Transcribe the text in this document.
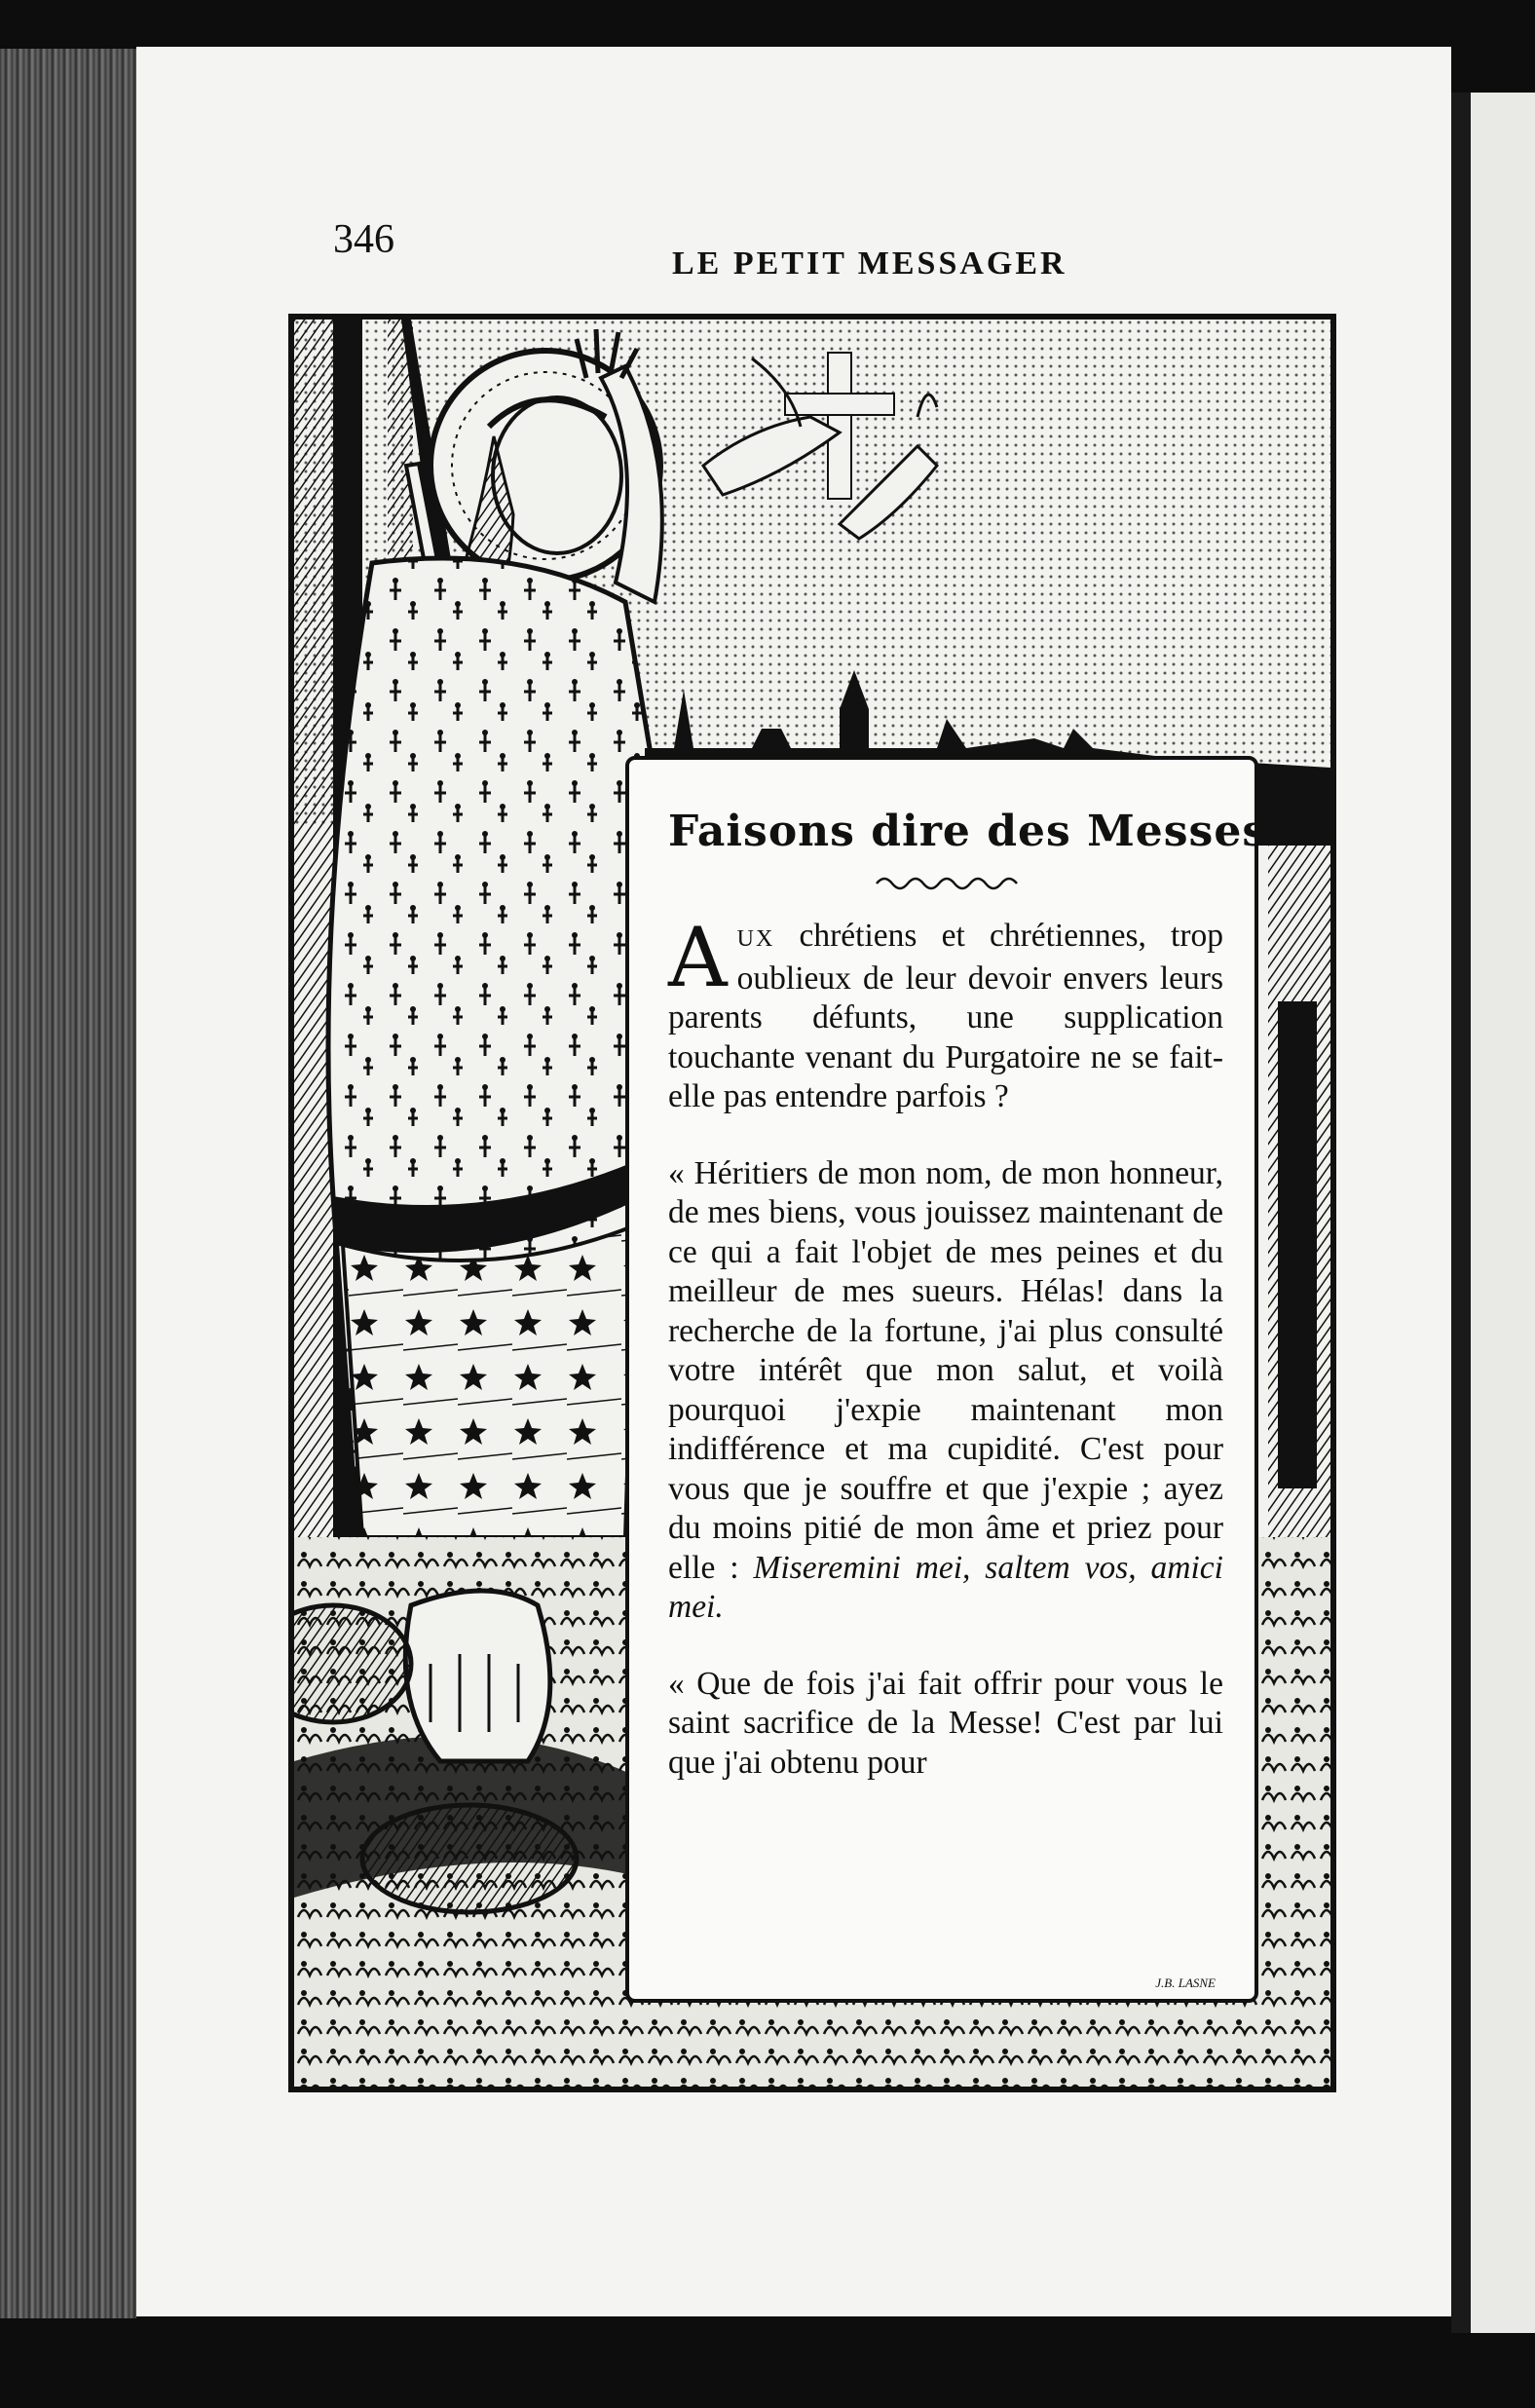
346
LE PETIT MESSAGER
Faisons dire des Messes

AUX chrétiens et chrétiennes, trop oublieux de leur devoir envers leurs parents défunts, une supplication touchante venant du Purgatoire ne se fait-elle pas entendre parfois ?

« Héritiers de mon nom, de mon honneur, de mes biens, vous jouissez maintenant de ce qui a fait l'objet de mes peines et du meilleur de mes sueurs. Hélas! dans la recherche de la fortune, j'ai plus consulté votre intérêt que mon salut, et voilà pourquoi j'expie maintenant mon indifférence et ma cupidité. C'est pour vous que je souffre et que j'expie ; ayez du moins pitié de mon âme et priez pour elle : Miseremini mei, saltem vos, amici mei.

« Que de fois j'ai fait offrir pour vous le saint sacrifice de la Messe! C'est par lui que j'ai obtenu pour

J.B. LASNE
